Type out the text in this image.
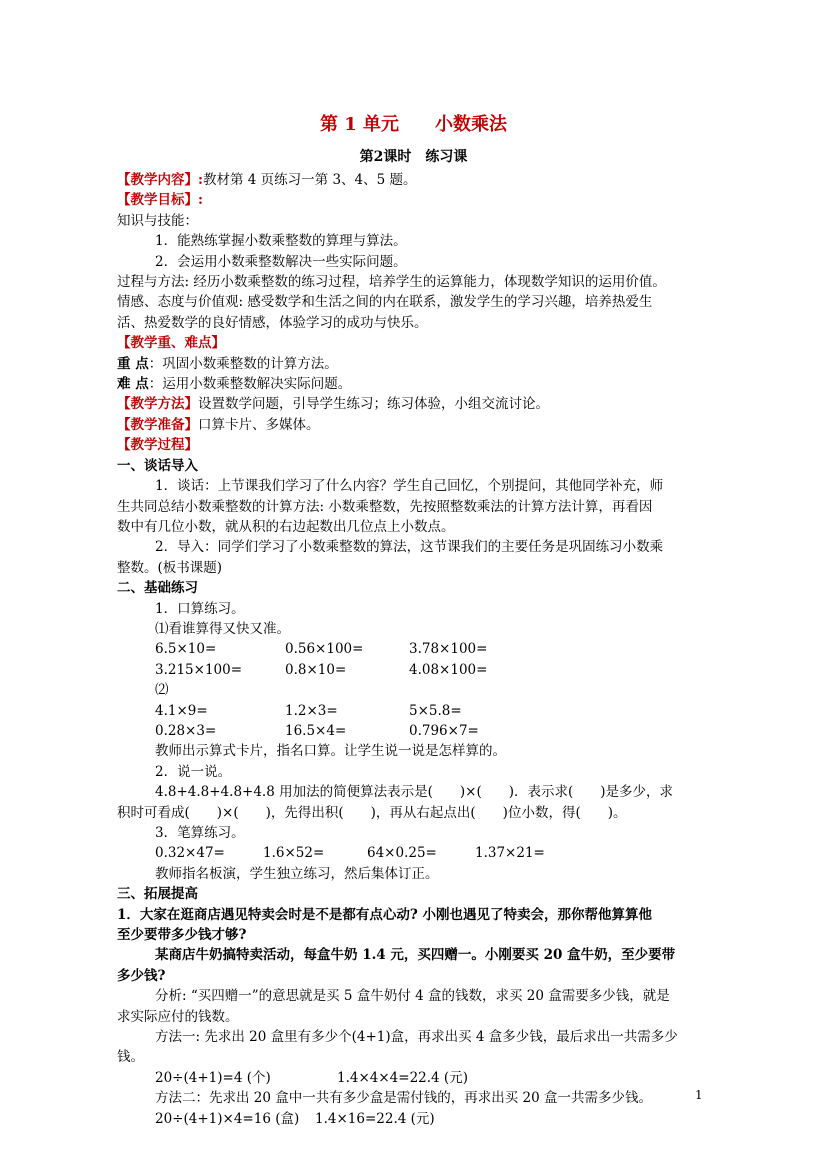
第 1 单元　　小数乘法
第2课时　练习课
【教学内容】:教材第 4 页练习一第 3、4、5 题。
【教学目标】:
知识与技能：
1．能熟练掌握小数乘整数的算理与算法。
2．会运用小数乘整数解决一些实际问题。
过程与方法: 经历小数乘整数的练习过程，培养学生的运算能力，体现数学知识的运用价值。
情感、态度与价值观: 感受数学和生活之间的内在联系，激发学生的学习兴趣，培养热爱生
活、热爱数学的良好情感，体验学习的成功与快乐。
【教学重、难点】
重 点：巩固小数乘整数的计算方法。
难 点：运用小数乘整数解决实际问题。
【教学方法】设置数学问题，引导学生练习；练习体验，小组交流讨论。
【教学准备】口算卡片、多媒体。
【教学过程】
一、谈话导入
1．谈话：上节课我们学习了什么内容？学生自己回忆，个别提问，其他同学补充，师
生共同总结小数乘整数的计算方法: 小数乘整数，先按照整数乘法的计算方法计算，再看因
数中有几位小数，就从积的右边起数出几位点上小数点。
2．导入：同学们学习了小数乘整数的算法，这节课我们的主要任务是巩固练习小数乘
整数。(板书课题)
二、基础练习
1．口算练习。
⑴看谁算得又快又准。
6.5×10=	0.56×100=	3.78×100=
3.215×100=	0.8×10=	4.08×100=
⑵
4.1×9=	1.2×3=	5×5.8=
0.28×3=	16.5×4=	0.796×7=
教师出示算式卡片，指名口算。让学生说一说是怎样算的。
2．说一说。
4.8+4.8+4.8+4.8 用加法的简便算法表示是(　　)×(　　)．表示求(　　)是多少，求
积时可看成(　　)×(　　)，先得出积(　　)，再从右起点出(　　)位小数，得(　　)。
3．笔算练习。
0.32×47=	1.6×52=	64×0.25=	1.37×21=
教师指名板演，学生独立练习，然后集体订正。
三、拓展提高
1．大家在逛商店遇见特卖会时是不是都有点心动? 小刚也遇见了特卖会，那你帮他算算他
至少要带多少钱才够?
某商店牛奶搞特卖活动，每盒牛奶 1.4 元，买四赠一。小刚要买 20 盒牛奶，至少要带
多少钱?
分析: “买四赠一”的意思就是买 5 盒牛奶付 4 盒的钱数，求买 20 盒需要多少钱，就是
求实际应付的钱数。
方法一: 先求出 20 盒里有多少个(4+1)盒，再求出买 4 盒多少钱，最后求出一共需多少
钱。
20÷(4+1)=4 (个)	1.4×4×4=22.4 (元)
方法二：先求出 20 盒中一共有多少盒是需付钱的，再求出买 20 盒一共需多少钱。
20÷(4+1)×4=16 (盒) 1.4×16=22.4 (元)
1
